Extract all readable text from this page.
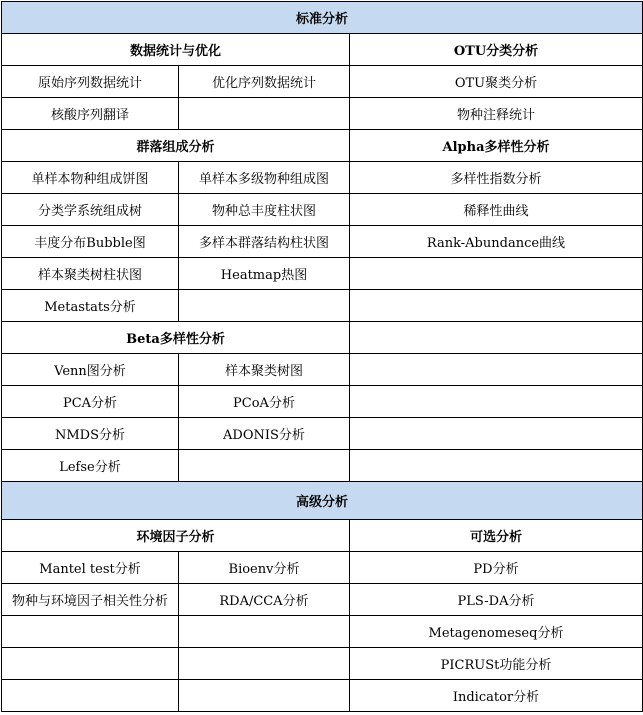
标准分析		
数据统计与优化		OTU分类分析
原始序列数据统计	优化序列数据统计	OTU聚类分析
核酸序列翻译		物种注释统计
群落组成分析		Alpha多样性分析
单样本物种组成饼图	单样本多级物种组成图	多样性指数分析
分类学系统组成树	物种总丰度柱状图	稀释性曲线
丰度分布Bubble图	多样本群落结构柱状图	Rank-Abundance曲线
样本聚类树柱状图	Heatmap热图	
Metastats分析		
Beta多样性分析		
Venn图分析	样本聚类树图	
PCA分析	PCoA分析	
NMDS分析	ADONIS分析	
Lefse分析		
高级分析		
环境因子分析		可选分析
Mantel test分析	Bioenv分析	PD分析
物种与环境因子相关性分析	RDA/CCA分析	PLS-DA分析
		Metagenomeseq分析
		PICRUSt功能分析
		Indicator分析
